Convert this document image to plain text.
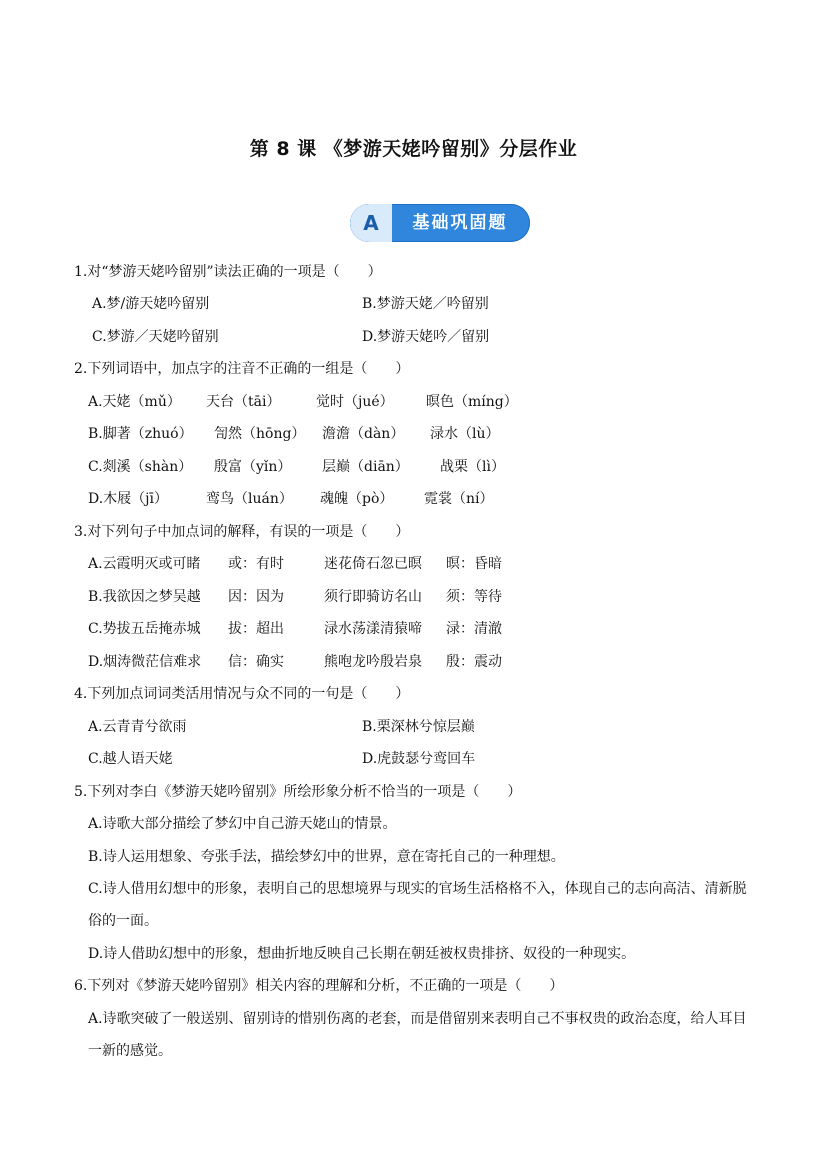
第 8 课 《梦游天姥吟留别》分层作业
A	基础巩固题
1.对“梦游天姥吟留别”读法正确的一项是（　　）
A.梦/游天姥吟留别	B.梦游天姥／吟留别
C.梦游／天姥吟留别	D.梦游天姥吟／留别
2.下列词语中，加点字的注音不正确的一组是（　　）
A.天姥（mǔ） 天台（tāi）	觉时（jué） 暝色（míng）
B.脚著（zhuó） 訇然（hōng） 澹澹（dàn） 渌水（lù）
C.剡溪（shàn） 殷富（yǐn） 层巅（diān） 战栗（lì）
D.木屐（jī）	鸾鸟（luán） 魂魄（pò） 霓裳（ní）
3.对下列句子中加点词的解释，有误的一项是（　　）
A.云霞明灭或可睹 或：有时	迷花倚石忽已暝 暝：昏暗
B.我欲因之梦吴越 因：因为	须行即骑访名山 须：等待
C.势拔五岳掩赤城 拔：超出	渌水荡漾清猿啼 渌：清澈
D.烟涛微茫信难求 信：确实	熊咆龙吟殷岩泉 殷：震动
4.下列加点词词类活用情况与众不同的一句是（　　）
A.云青青兮欲雨	B.栗深林兮惊层巅
C.越人语天姥	D.虎鼓瑟兮鸾回车
5.下列对李白《梦游天姥吟留别》所绘形象分析不恰当的一项是（　　）
A.诗歌大部分描绘了梦幻中自己游天姥山的情景。
B.诗人运用想象、夸张手法，描绘梦幻中的世界，意在寄托自己的一种理想。
C.诗人借用幻想中的形象，表明自己的思想境界与现实的官场生活格格不入，体现自己的志向高洁、清新脱俗的一面。
D.诗人借助幻想中的形象，想曲折地反映自己长期在朝廷被权贵排挤、奴役的一种现实。
6.下列对《梦游天姥吟留别》相关内容的理解和分析，不正确的一项是（　　）
A.诗歌突破了一般送别、留别诗的惜别伤离的老套，而是借留别来表明自己不事权贵的政治态度，给人耳目一新的感觉。
